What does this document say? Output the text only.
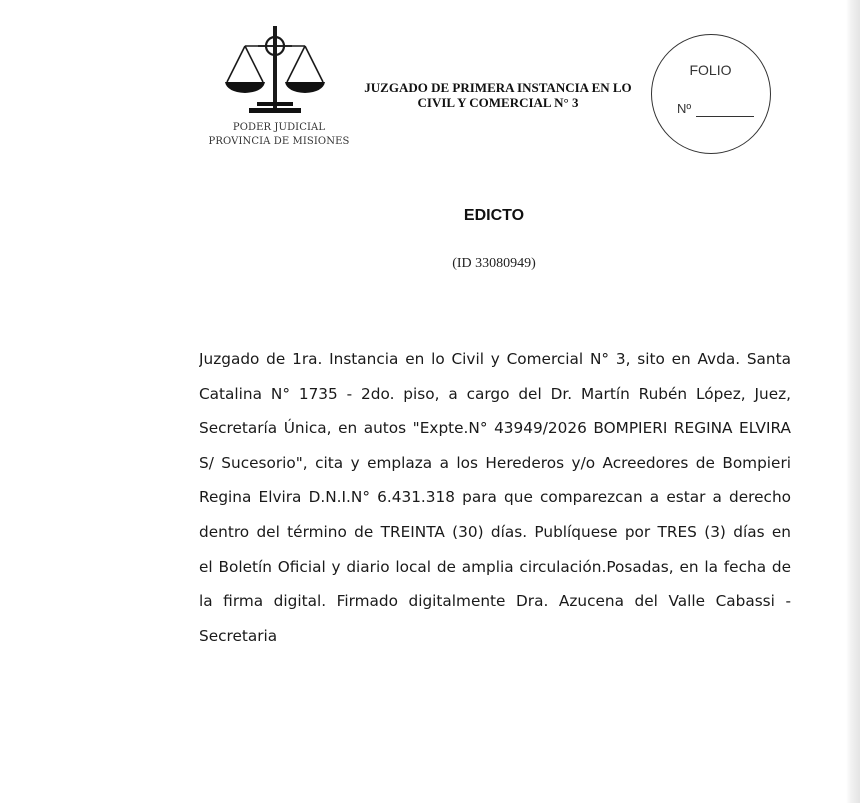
PODER JUDICIAL
PROVINCIA DE MISIONES
JUZGADO DE PRIMERA INSTANCIA EN LO
CIVIL Y COMERCIAL N° 3
FOLIO
Nº
EDICTO
(ID 33080949)
Juzgado de 1ra. Instancia en lo Civil y Comercial N° 3, sito en Avda. Santa
Catalina N° 1735 - 2do. piso, a cargo del Dr. Martín Rubén López, Juez,
Secretaría Única, en autos "Expte.N° 43949/2026 BOMPIERI REGINA ELVIRA
S/ Sucesorio", cita y emplaza a los Herederos y/o Acreedores de Bompieri
Regina Elvira D.N.I.N° 6.431.318 para que comparezcan a estar a derecho
dentro del término de TREINTA (30) días. Publíquese por TRES (3) días en
el Boletín Oficial y diario local de amplia circulación.Posadas, en la fecha de
la firma digital. Firmado digitalmente Dra. Azucena del Valle Cabassi -
Secretaria
